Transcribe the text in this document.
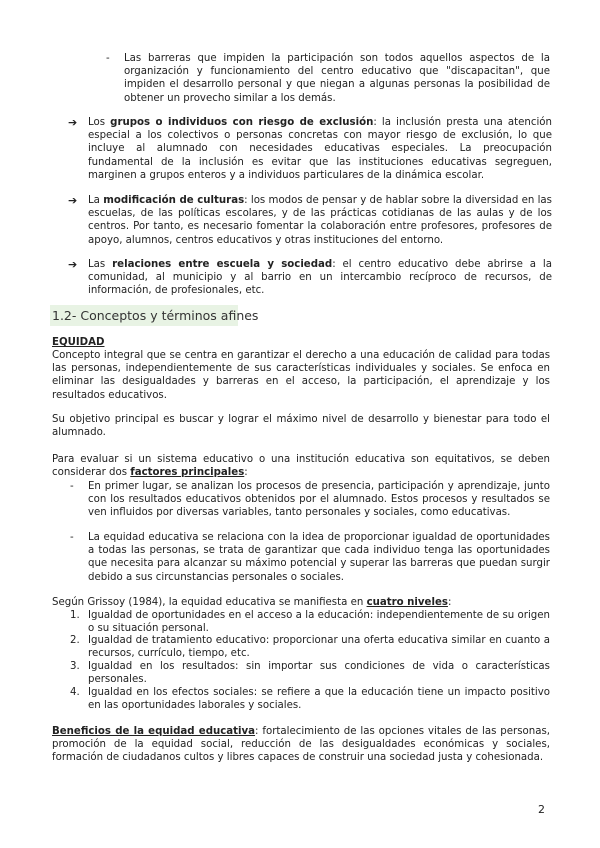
- Las barreras que impiden la participación son todos aquellos aspectos de la organización y funcionamiento del centro educativo que "discapacitan", que impiden el desarrollo personal y que niegan a algunas personas la posibilidad de obtener un provecho similar a los demás.

➔ Los grupos o individuos con riesgo de exclusión: la inclusión presta una atención especial a los colectivos o personas concretas con mayor riesgo de exclusión, lo que incluye al alumnado con necesidades educativas especiales. La preocupación fundamental de la inclusión es evitar que las instituciones educativas segreguen, marginen a grupos enteros y a individuos particulares de la dinámica escolar.

➔ La modificación de culturas: los modos de pensar y de hablar sobre la diversidad en las escuelas, de las políticas escolares, y de las prácticas cotidianas de las aulas y de los centros. Por tanto, es necesario fomentar la colaboración entre profesores, profesores de apoyo, alumnos, centros educativos y otras instituciones del entorno.

➔ Las relaciones entre escuela y sociedad: el centro educativo debe abrirse a la comunidad, al municipio y al barrio en un intercambio recíproco de recursos, de información, de profesionales, etc.

1.2- Conceptos y términos afines
EQUIDAD
Concepto integral que se centra en garantizar el derecho a una educación de calidad para todas las personas, independientemente de sus características individuales y sociales. Se enfoca en eliminar las desigualdades y barreras en el acceso, la participación, el aprendizaje y los resultados educativos.
Su objetivo principal es buscar y lograr el máximo nivel de desarrollo y bienestar para todo el alumnado.
Para evaluar si un sistema educativo o una institución educativa son equitativos, se deben considerar dos factores principales:
- En primer lugar, se analizan los procesos de presencia, participación y aprendizaje, junto con los resultados educativos obtenidos por el alumnado. Estos procesos y resultados se ven influidos por diversas variables, tanto personales y sociales, como educativas.

- La equidad educativa se relaciona con la idea de proporcionar igualdad de oportunidades a todas las personas, se trata de garantizar que cada individuo tenga las oportunidades que necesita para alcanzar su máximo potencial y superar las barreras que puedan surgir debido a sus circunstancias personales o sociales.

Según Grissoy (1984), la equidad educativa se manifiesta en cuatro niveles:
1. Igualdad de oportunidades en el acceso a la educación: independientemente de su origen o su situación personal.

2. Igualdad de tratamiento educativo: proporcionar una oferta educativa similar en cuanto a recursos, currículo, tiempo, etc.

3. Igualdad en los resultados: sin importar sus condiciones de vida o características personales.

4. Igualdad en los efectos sociales: se refiere a que la educación tiene un impacto positivo en las oportunidades laborales y sociales.

Beneficios de la equidad educativa: fortalecimiento de las opciones vitales de las personas, promoción de la equidad social, reducción de las desigualdades económicas y sociales, formación de ciudadanos cultos y libres capaces de construir una sociedad justa y cohesionada.
2
